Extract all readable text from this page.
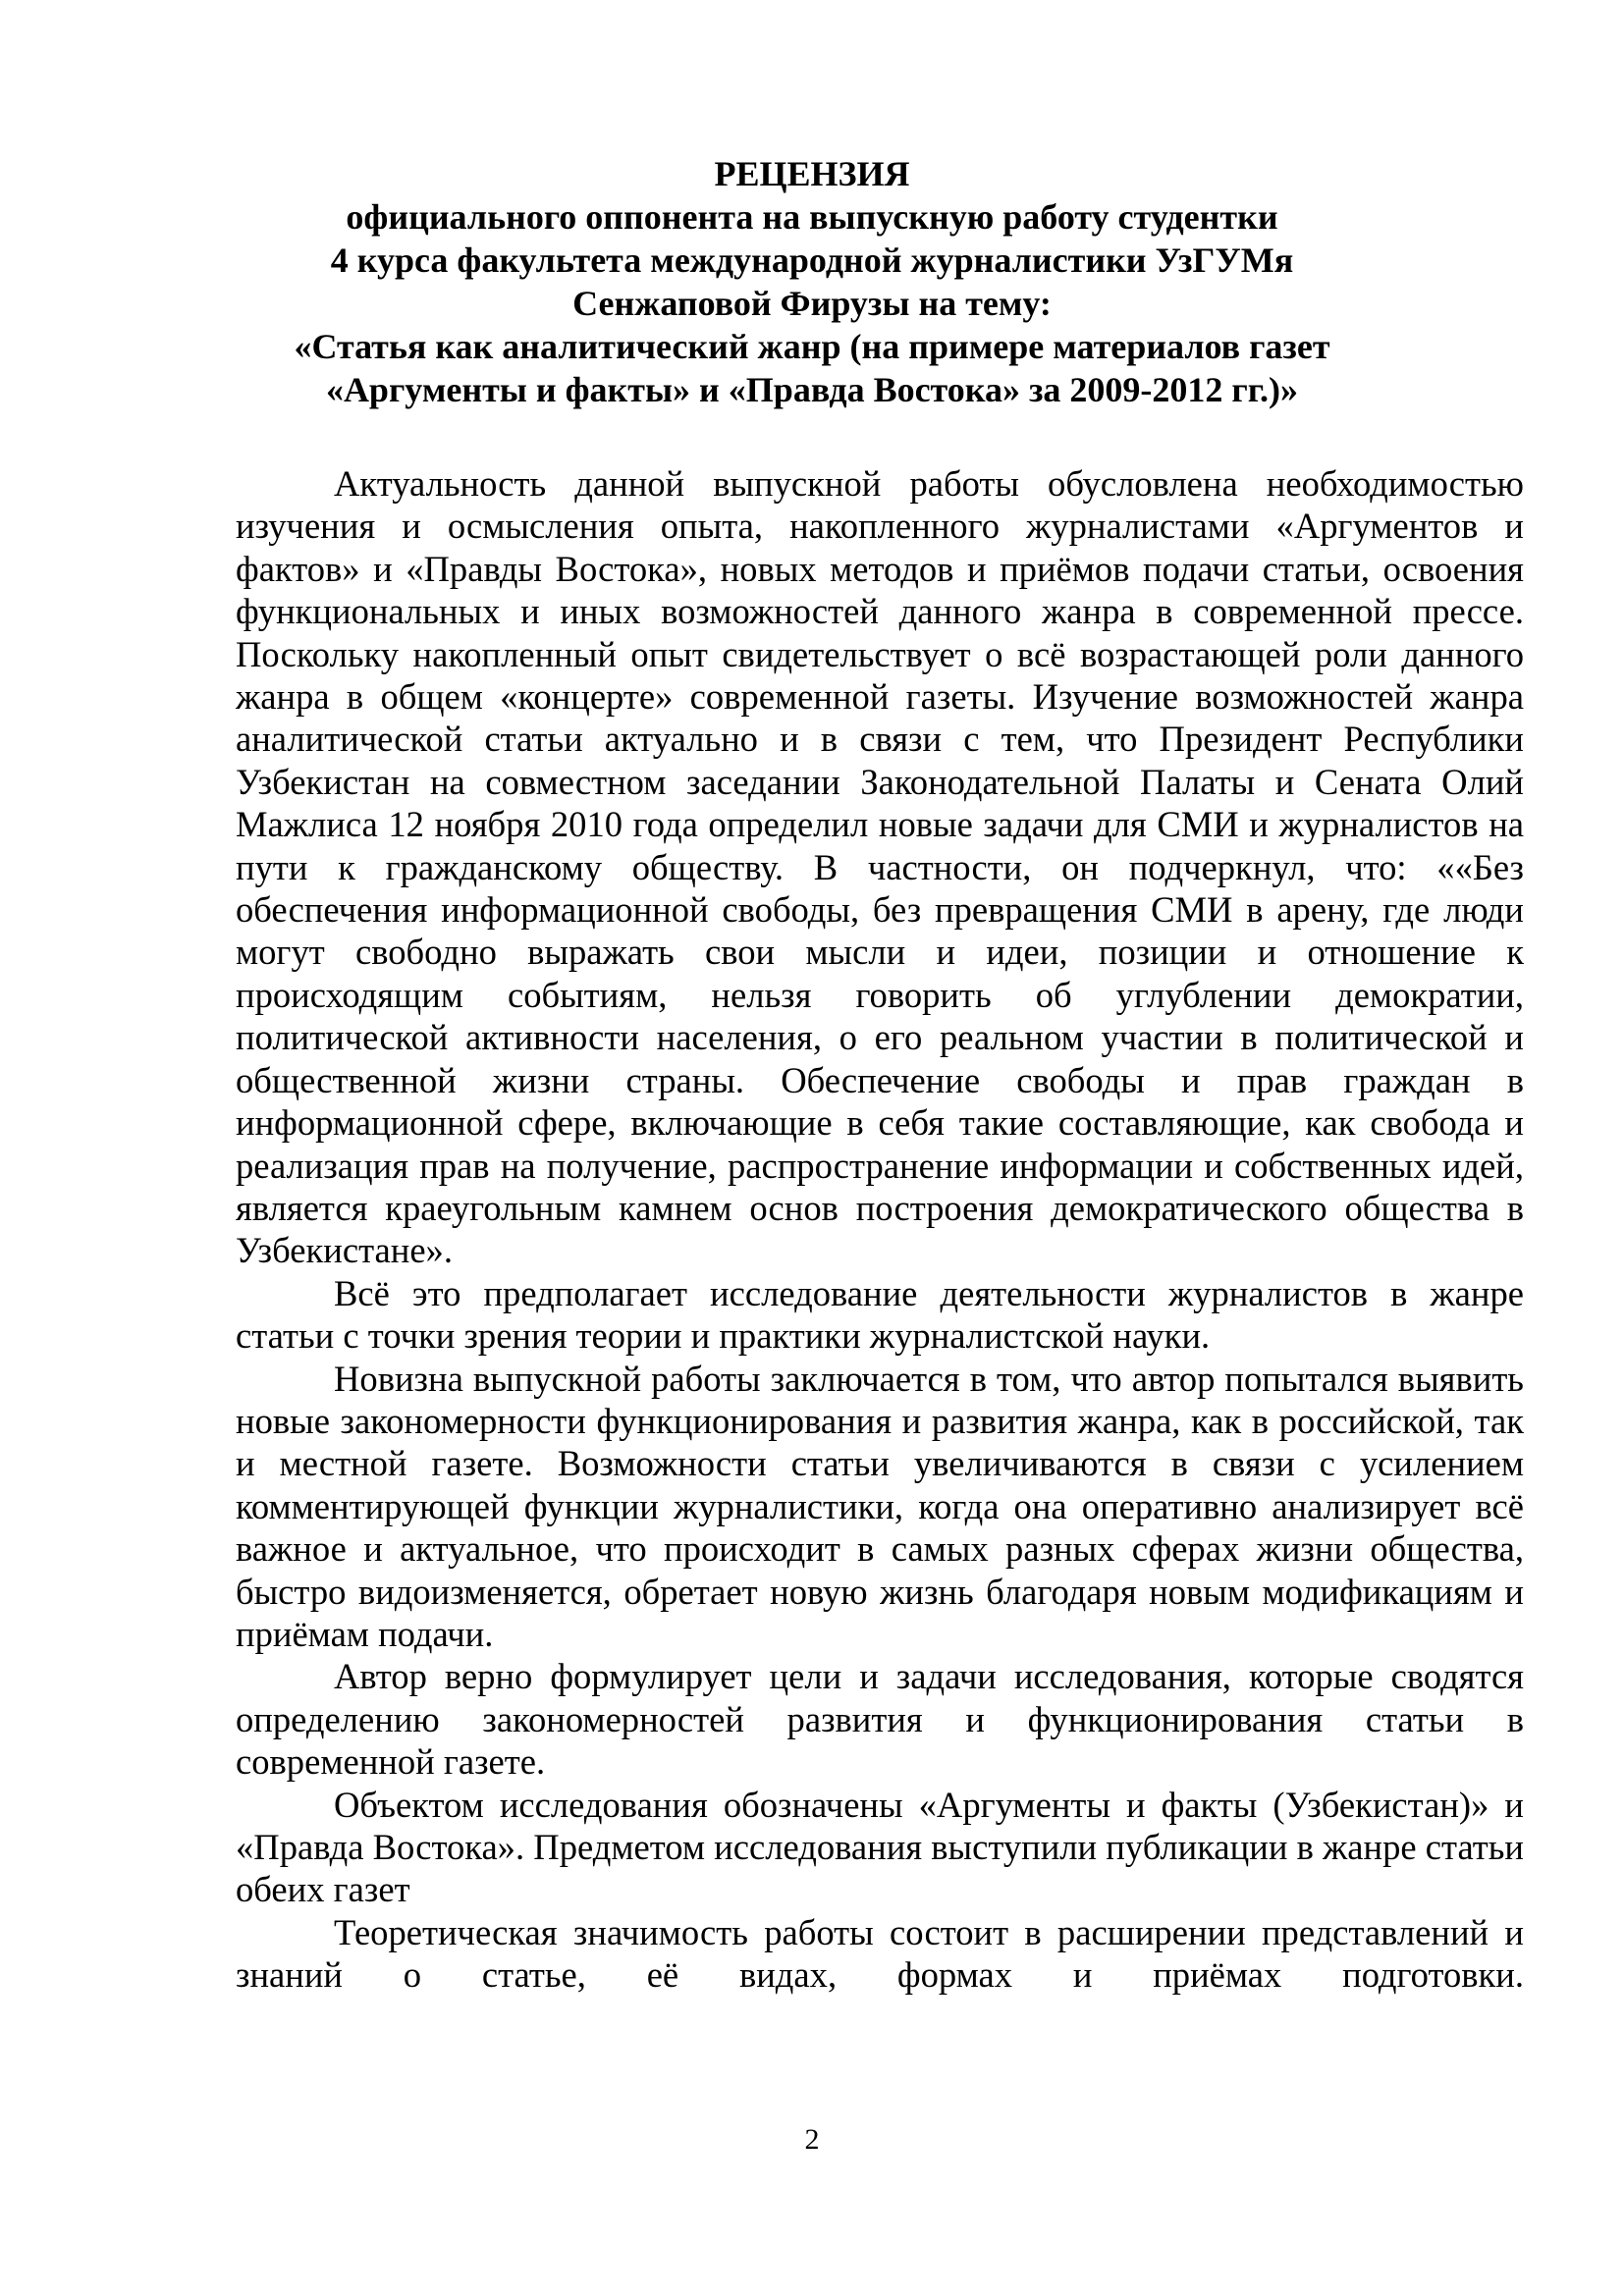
РЕЦЕНЗИЯ
официального оппонента на выпускную работу студентки
4 курса факультета международной журналистики УзГУМя
Сенжаповой Фирузы на тему:
«Статья как аналитический жанр (на примере материалов газет
«Аргументы и факты» и «Правда Востока» за 2009-2012 гг.)»

Актуальность данной выпускной работы обусловлена необходимостью изучения и осмысления опыта, накопленного журналистами «Аргументов и фактов» и «Правды Востока», новых методов и приёмов подачи статьи, освоения функциональных и иных возможностей данного жанра в современной прессе. Поскольку накопленный опыт свидетельствует о всё возрастающей роли данного жанра в общем «концерте» современной газеты. Изучение возможностей жанра аналитической статьи актуально и в связи с тем, что Президент Республики Узбекистан на совместном заседании Законодательной Палаты и Сената Олий Мажлиса 12 ноября 2010 года определил новые задачи для СМИ и журналистов на пути к гражданскому обществу. В частности, он подчеркнул, что: ««Без обеспечения информационной свободы, без превращения СМИ в арену, где люди могут свободно выражать свои мысли и идеи, позиции и отношение к происходящим событиям, нельзя говорить об углублении демократии, политической активности населения, о его реальном участии в политической и общественной жизни страны. Обеспечение свободы и прав граждан в информационной сфере, включающие в себя такие составляющие, как свобода и реализация прав на получение, распространение информации и собственных идей, является краеугольным камнем основ построения демократического общества в Узбекистане».

Всё это предполагает исследование деятельности журналистов в жанре статьи с точки зрения теории и практики журналистской науки.

Новизна выпускной работы заключается в том, что автор попытался выявить новые закономерности функционирования и развития жанра, как в российской, так и местной газете. Возможности статьи увеличиваются в связи с усилением комментирующей функции журналистики, когда она оперативно анализирует всё важное и актуальное, что происходит в самых разных сферах жизни общества, быстро видоизменяется, обретает новую жизнь благодаря новым модификациям и приёмам подачи.

Автор верно формулирует цели и задачи исследования, которые сводятся определению закономерностей развития и функционирования статьи в современной газете.

Объектом исследования обозначены «Аргументы и факты (Узбекистан)» и «Правда Востока». Предметом исследования выступили публикации в жанре статьи обеих газет

Теоретическая значимость работы состоит в расширении представлений и знаний о статье, её видах, формах и приёмах подготовки.

2
